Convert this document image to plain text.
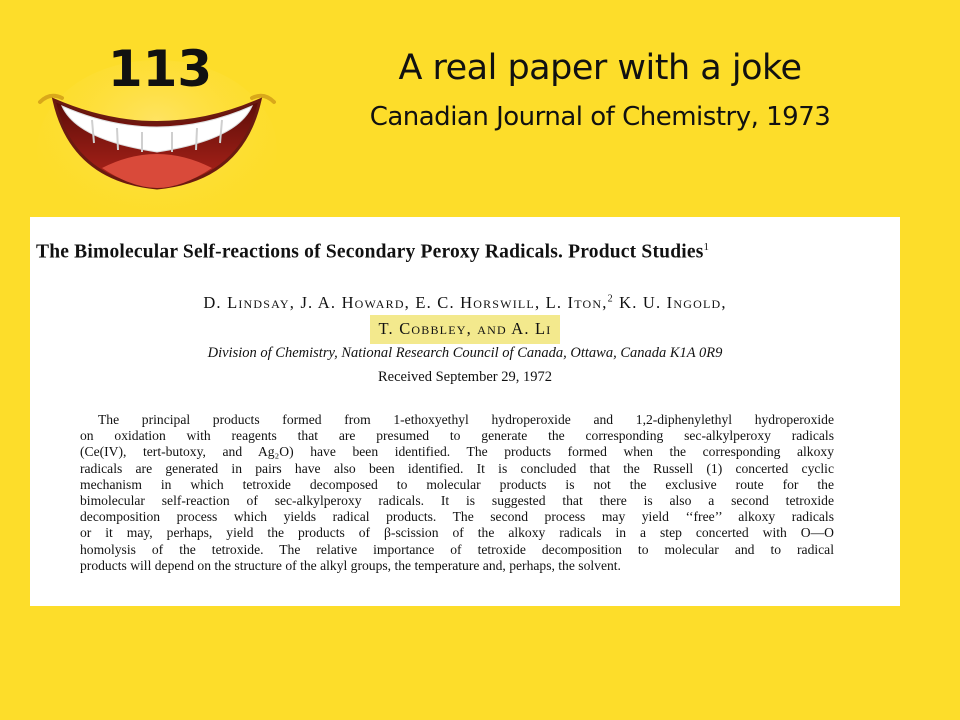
113	A real paper with a joke
Canadian Journal of Chemistry, 1973
The Bimolecular Self-reactions of Secondary Peroxy Radicals. Product Studies$^1$
D. Lindsay, J. A. Howard, E. C. Horswill, L. Iton,$^2$ K. U. Ingold,
T. Cobbley, and A. Li
Division of Chemistry, National Research Council of Canada, Ottawa, Canada K1A 0R9
Received September 29, 1972
The principal products formed from 1-ethoxyethyl hydroperoxide and 1,2-diphenylethyl hydroperoxide
on oxidation with reagents that are presumed to generate the corresponding sec-alkylperoxy radicals
(Ce(IV), tert-butoxy, and Ag₂O) have been identified. The products formed when the corresponding alkoxy
radicals are generated in pairs have also been identified. It is concluded that the Russell (1) concerted cyclic
mechanism in which tetroxide decomposed to molecular products is not the exclusive route for the
bimolecular self-reaction of sec-alkylperoxy radicals. It is suggested that there is also a second tetroxide
decomposition process which yields radical products. The second process may yield ‘‘free’’ alkoxy radicals
or it may, perhaps, yield the products of β-scission of the alkoxy radicals in a step concerted with O—O
homolysis of the tetroxide. The relative importance of tetroxide decomposition to molecular and to radical
products will depend on the structure of the alkyl groups, the temperature and, perhaps, the solvent.
